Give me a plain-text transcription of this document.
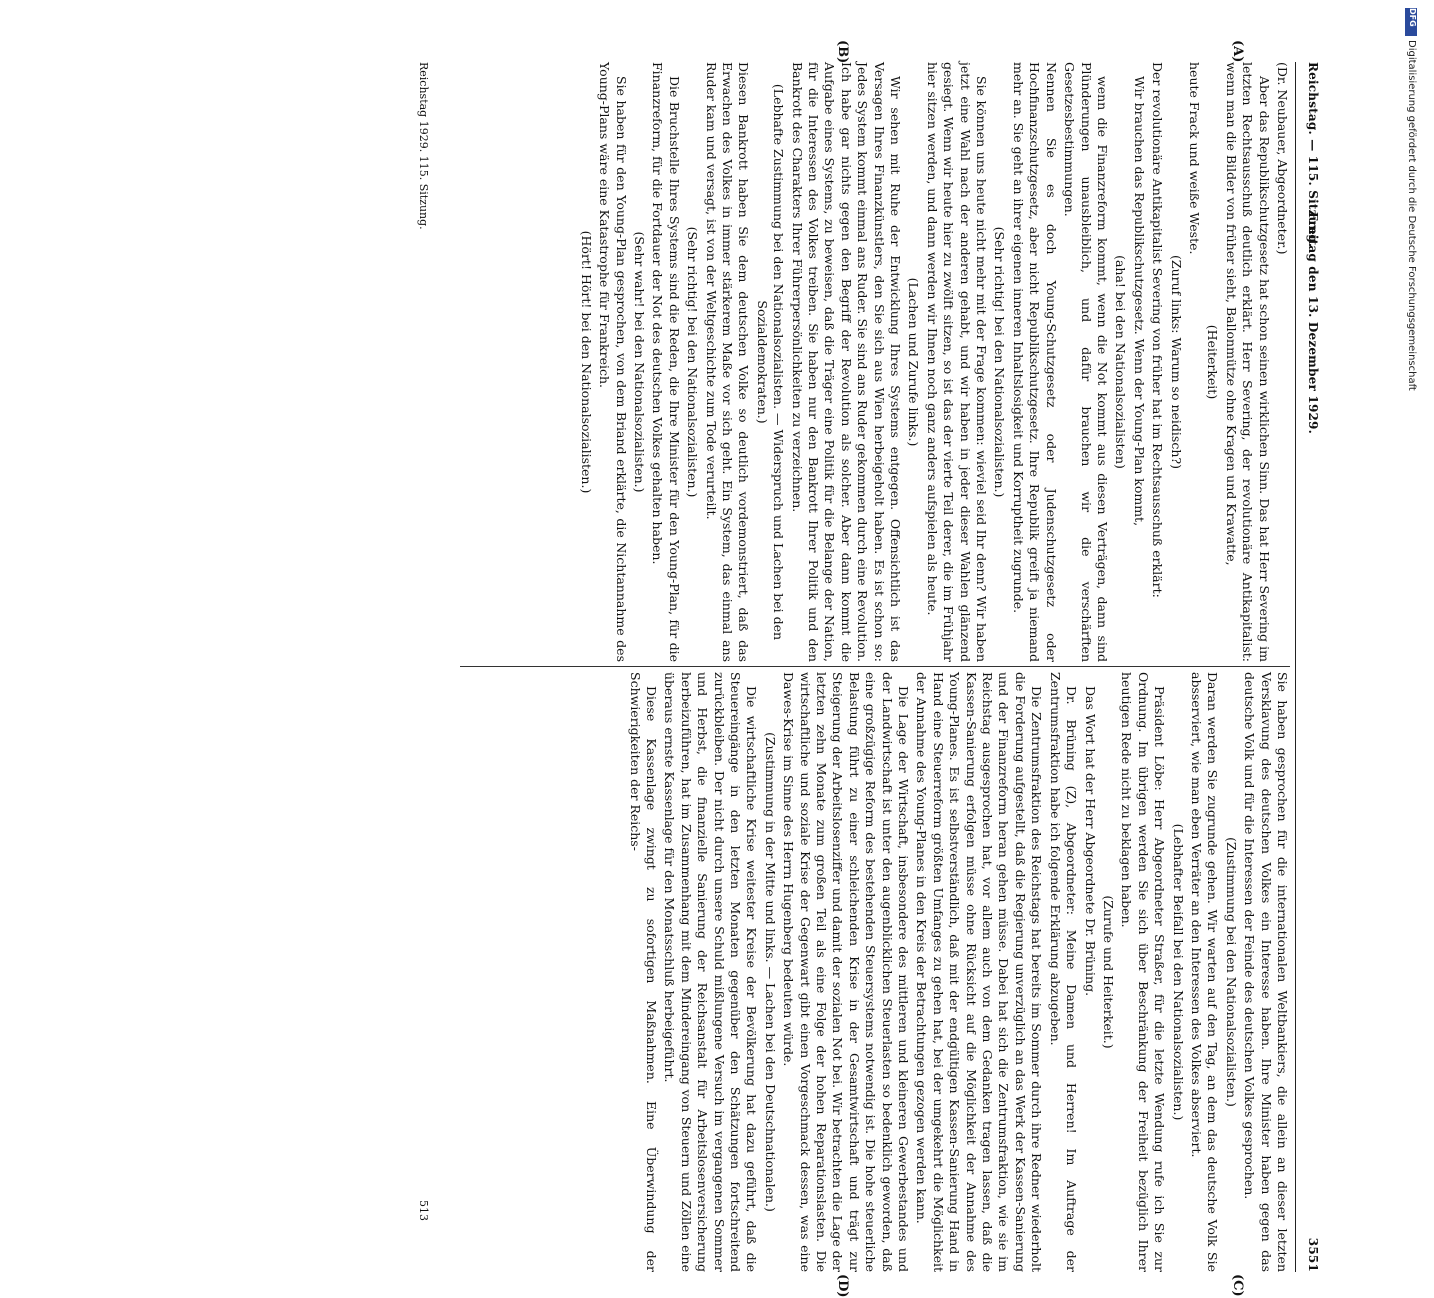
Reichstag. — 115. Sitzung.
Freitag den 13. Dezember 1929.
3551
(A)
(B)
(C)
(D)

(Dr. Neubauer, Abgeordneter.)

Aber das Republikschutzgesetz hat schon seinen wirklichen Sinn. Das hat Herr Severing im letzten Rechtsausschuß deutlich erklärt. Herr Severing, der revolutionäre Antikapitalist: wenn man die Bilder von früher sieht, Ballonmütze ohne Kragen und Krawatte,

(Heiterkeit)

heute Frack und weiße Weste.

(Zuruf links: Warum so neidisch?)

Der revolutionäre Antikapitalist Severing von früher hat im Rechtsausschuß erklärt:

Wir brauchen das Republikschutzgesetz. Wenn der Young-Plan kommt,

(aha! bei den Nationalsozialisten)

wenn die Finanzreform kommt, wenn die Not kommt aus diesen Verträgen, dann sind Plünderungen unausbleiblich, und dafür brauchen wir die verschärften Gesetzesbestimmungen.

Nennen Sie es doch Young-Schutzgesetz oder Judenschutzgesetz oder Hochfinanzschutzgesetz, aber nicht Republikschutzgesetz. Ihre Republik greift ja niemand mehr an. Sie geht an ihrer eigenen inneren Inhaltslosigkeit und Korruptheit zugrunde.

(Sehr richtig! bei den Nationalsozialisten.)

Sie können uns heute nicht mehr mit der Frage kommen: wieviel seid Ihr denn? Wir haben jetzt eine Wahl nach der anderen gehabt, und wir haben in jeder dieser Wahlen glänzend gesiegt. Wenn wir heute hier zu zwölft sitzen, so ist das der vierte Teil derer, die im Frühjahr hier sitzen werden, und dann werden wir Ihnen noch ganz anders aufspielen als heute.

(Lachen und Zurufe links.)

Wir sehen mit Ruhe der Entwicklung Ihres Systems entgegen. Offensichtlich ist das Versagen Ihres Finanzkünstlers, den Sie sich aus Wien herbeigeholt haben. Es ist schon so: Jedes System kommt einmal ans Ruder. Sie sind ans Ruder gekommen durch eine Revolution. Ich habe gar nichts gegen den Begriff der Revolution als solcher. Aber dann kommt die Aufgabe eines Systems, zu beweisen, daß die Träger eine Politik für die Belange der Nation, für die Interessen des Volkes treiben. Sie haben nur den Bankrott Ihrer Politik und den Bankrott des Charakters Ihrer Führerpersönlichkeiten zu verzeichnen.

(Lebhafte Zustimmung bei den Nationalsozialisten. — Widerspruch und Lachen bei den Sozialdemokraten.)

Diesen Bankrott haben Sie dem deutschen Volke so deutlich vordemonstriert, daß das Erwachen des Volkes in immer stärkerem Maße vor sich geht. Ein System, das einmal ans Ruder kam und versagt, ist von der Weltgeschichte zum Tode verurteilt.

(Sehr richtig! bei den Nationalsozialisten.)

Die Bruchstelle Ihres Systems sind die Reden, die Ihre Minister für den Young-Plan, für die Finanzreform, für die Fortdauer der Not des deutschen Volkes gehalten haben.

(Sehr wahr! bei den Nationalsozialisten.)

Sie haben für den Young-Plan gesprochen, von dem Briand erklärte, die Nichtannahme des Young-Plans wäre eine Katastrophe für Frankreich.

(Hört! Hört! bei den Nationalsozialisten.)

Sie haben gesprochen für die internationalen Weltbankiers, die allein an dieser letzten Versklavung des deutschen Volkes ein Interesse haben. Ihre Minister haben gegen das deutsche Volk und für die Interessen der Feinde des deutschen Volkes gesprochen.

(Zustimmung bei den Nationalsozialisten.)

Daran werden Sie zugrunde gehen. Wir warten auf den Tag, an dem das deutsche Volk Sie absserviert, wie man eben Verräter an den Interessen des Volkes abserviert.

(Lebhafter Beifall bei den Nationalsozialisten.)

Präsident Löbe: Herr Abgeordneter Straßer, für die letzte Wendung rufe ich Sie zur Ordnung. Im übrigen werden Sie sich über Beschränkung der Freiheit bezüglich Ihrer heutigen Rede nicht zu beklagen haben.

(Zurufe und Heiterkeit.)

Das Wort hat der Herr Abgeordnete Dr. Brüning.

Dr. Brüning (Z), Abgeordneter: Meine Damen und Herren! Im Auftrage der Zentrumsfraktion habe ich folgende Erklärung abzugeben.

Die Zentrumsfraktion des Reichstags hat bereits im Sommer durch ihre Redner wiederholt die Forderung aufgestellt, daß die Regierung unverzüglich an das Werk der Kassen-Sanierung und der Finanzreform heran gehen müsse. Dabei hat sich die Zentrumsfraktion, wie sie im Reichstag ausgesprochen hat, vor allem auch von dem Gedanken tragen lassen, daß die Kassen-Sanierung erfolgen müsse ohne Rücksicht auf die Möglichkeit der Annahme des Young-Planes. Es ist selbstverständlich, daß mit der endgültigen Kassen-Sanierung Hand in Hand eine Steuerreform größten Umfanges zu gehen hat, bei der umgekehrt die Möglichkeit der Annahme des Young-Planes in den Kreis der Betrachtungen gezogen werden kann.

Die Lage der Wirtschaft, insbesondere des mittleren und kleineren Gewerbestandes und der Landwirtschaft ist unter den augenblicklichen Steuerlasten so bedenklich geworden, daß eine großzügige Reform des bestehenden Steuersystems notwendig ist. Die hohe steuerliche Belastung führt zu einer schleichenden Krise in der Gesamtwirtschaft und trägt zur Steigerung der Arbeitslosenziffer und damit der sozialen Not bei. Wir betrachten die Lage der letzten zehn Monate zum großen Teil als eine Folge der hohen Reparationslasten. Die wirtschaftliche und soziale Krise der Gegenwart gibt einen Vorgeschmack dessen, was eine Dawes-Krise im Sinne des Herrn Hugenberg bedeuten würde.

(Zustimmung in der Mitte und links. — Lachen bei den Deutschnationalen.)

Die wirtschaftliche Krise weitester Kreise der Bevölkerung hat dazu geführt, daß die Steuereingänge in den letzten Monaten gegenüber den Schätzungen fortschreitend zurückbleiben. Der nicht durch unsere Schuld mißlungene Versuch im vergangenen Sommer und Herbst, die finanzielle Sanierung der Reichsanstalt für Arbeitslosenversicherung herbeizuführen, hat im Zusammenhang mit dem Mindereingang von Steuern und Zöllen eine überaus ernste Kassenlage für den Monatsschluß herbeigeführt.

Diese Kassenlage zwingt zu sofortigen Maßnahmen. Eine Überwindung der Schwierigkeiten der Reichs-

Reichstag 1929. 115. Sitzung.
513
DFG
Digitalisierung gefördert durch die Deutsche Forschungsgemeinschaft
